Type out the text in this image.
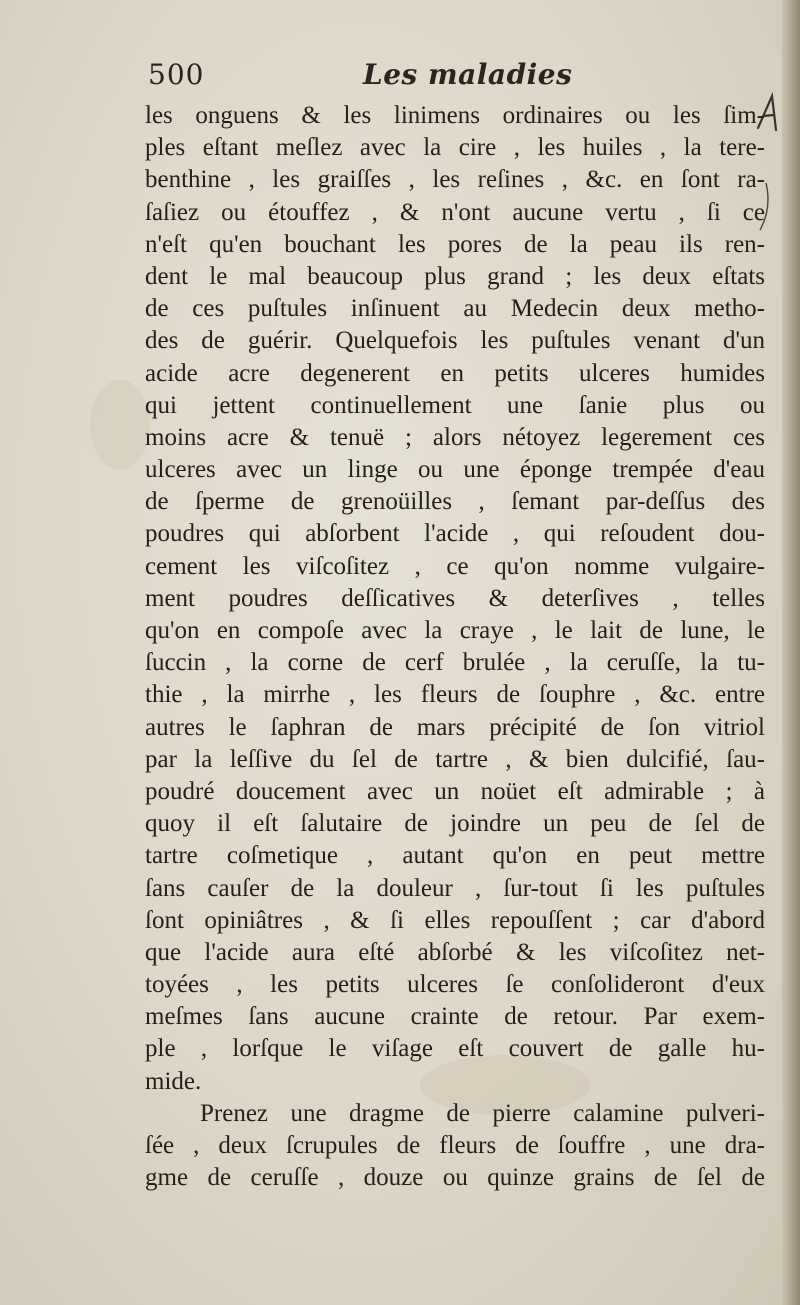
500	Les maladies
les onguens & les linimens ordinaires ou les ſim-
ples eſtant meſlez avec la cire , les huiles , la tere-
benthine , les graiſſes , les reſines , &c. en ſont ra-
ſaſiez ou étouffez , & n'ont aucune vertu , ſi ce
n'eſt qu'en bouchant les pores de la peau ils ren-
dent le mal beaucoup plus grand ; les deux eſtats
de ces puſtules inſinuent au Medecin deux metho-
des de guérir. Quelquefois les puſtules venant d'un
acide acre degenerent en petits ulceres humides
qui jettent continuellement une ſanie plus ou
moins acre & tenuë ; alors nétoyez legerement ces
ulceres avec un linge ou une éponge trempée d'eau
de ſperme de grenoüilles , ſemant par-deſſus des
poudres qui abſorbent l'acide , qui reſoudent dou-
cement les viſcoſitez , ce qu'on nomme vulgaire-
ment poudres deſſicatives & deterſives , telles
qu'on en compoſe avec la craye , le lait de lune, le
ſuccin , la corne de cerf brulée , la ceruſſe, la tu-
thie , la mirrhe , les fleurs de ſouphre , &c. entre
autres le ſaphran de mars précipité de ſon vitriol
par la leſſive du ſel de tartre , & bien dulcifié, ſau-
poudré doucement avec un noüet eſt admirable ; à
quoy il eſt ſalutaire de joindre un peu de ſel de
tartre coſmetique , autant qu'on en peut mettre
ſans cauſer de la douleur , ſur-tout ſi les puſtules
ſont opiniâtres , & ſi elles repouſſent ; car d'abord
que l'acide aura eſté abſorbé & les viſcoſitez net-
toyées , les petits ulceres ſe conſolideront d'eux
meſmes ſans aucune crainte de retour. Par exem-
ple , lorſque le viſage eſt couvert de galle hu-
mide.
Prenez une dragme de pierre calamine pulveri-
ſée , deux ſcrupules de fleurs de ſouffre , une dra-
gme de ceruſſe , douze ou quinze grains de ſel de
